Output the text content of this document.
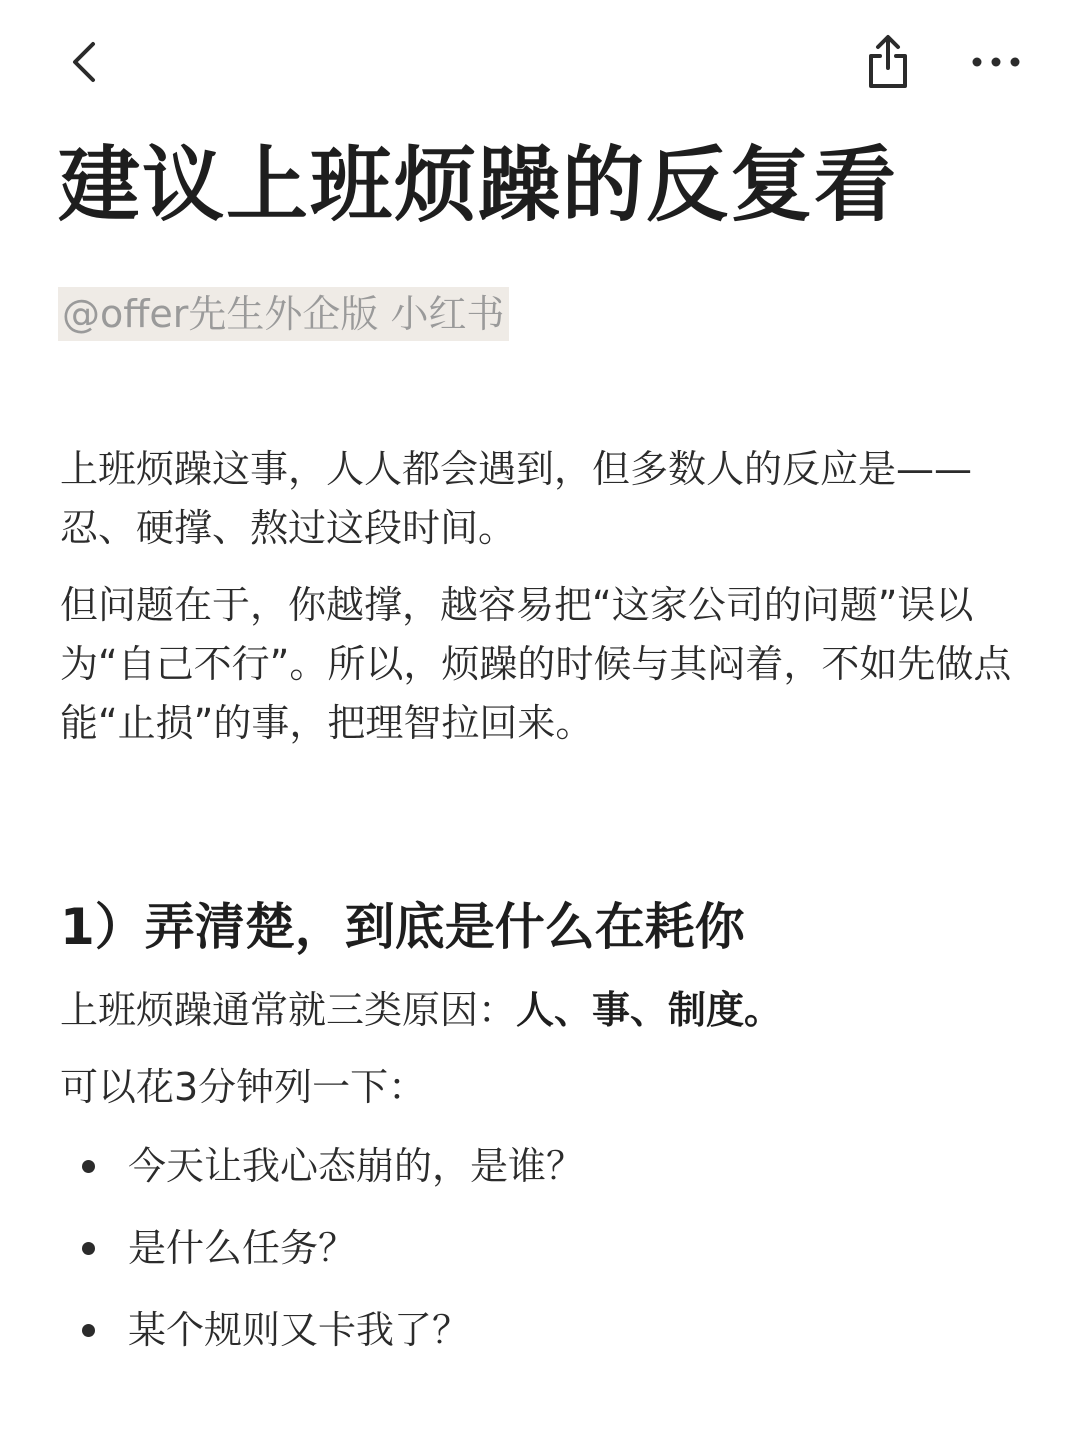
建议上班烦躁的反复看
@offer先生外企版 小红书

上班烦躁这事，人人都会遇到，但多数人的反应是——忍、硬撑、熬过这段时间。

但问题在于，你越撑，越容易把“这家公司的问题”误以为“自己不行”。所以，烦躁的时候与其闷着，不如先做点能“止损”的事，把理智拉回来。

1）弄清楚，到底是什么在耗你

上班烦躁通常就三类原因：人、事、制度。

可以花3分钟列一下：

今天让我心态崩的，是谁？
是什么任务？
某个规则又卡我了？
